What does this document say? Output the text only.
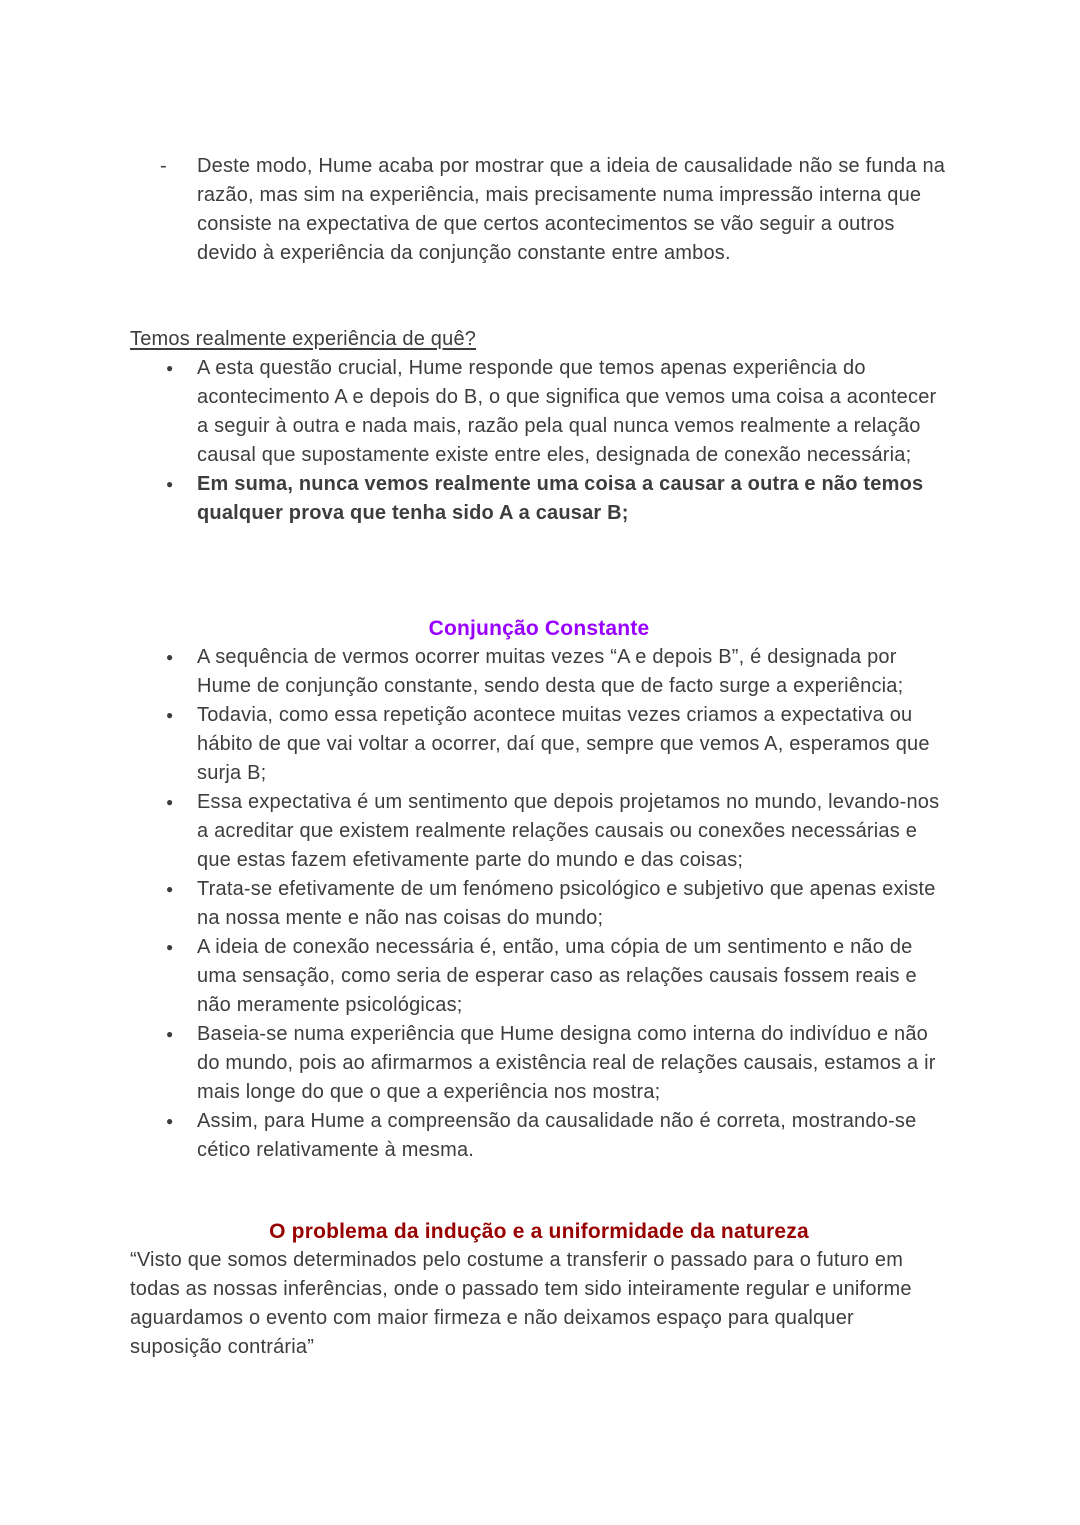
-	Deste modo, Hume acaba por mostrar que a ideia de causalidade não se funda na razão, mas sim na experiência, mais precisamente numa impressão interna que consiste na expectativa de que certos acontecimentos se vão seguir a outros devido à experiência da conjunção constante entre ambos.

Temos realmente experiência de quê?
●	A esta questão crucial, Hume responde que temos apenas experiência do acontecimento A e depois do B, o que significa que vemos uma coisa a acontecer a seguir à outra e nada mais, razão pela qual nunca vemos realmente a relação causal que supostamente existe entre eles, designada de conexão necessária;

●	Em suma, nunca vemos realmente uma coisa a causar a outra e não temos qualquer prova que tenha sido A a causar B;

Conjunção Constante
●	A sequência de vermos ocorrer muitas vezes “A e depois B”, é designada por Hume de conjunção constante, sendo desta que de facto surge a experiência;

●	Todavia, como essa repetição acontece muitas vezes criamos a expectativa ou hábito de que vai voltar a ocorrer, daí que, sempre que vemos A, esperamos que surja B;

●	Essa expectativa é um sentimento que depois projetamos no mundo, levando-nos a acreditar que existem realmente relações causais ou conexões necessárias e que estas fazem efetivamente parte do mundo e das coisas;

●	Trata-se efetivamente de um fenómeno psicológico e subjetivo que apenas existe na nossa mente e não nas coisas do mundo;

●	A ideia de conexão necessária é, então, uma cópia de um sentimento e não de uma sensação, como seria de esperar caso as relações causais fossem reais e não meramente psicológicas;

●	Baseia-se numa experiência que Hume designa como interna do indivíduo e não do mundo, pois ao afirmarmos a existência real de relações causais, estamos a ir mais longe do que o que a experiência nos mostra;

●	Assim, para Hume a compreensão da causalidade não é correta, mostrando-se cético relativamente à mesma.

O problema da indução e a uniformidade da natureza

“Visto que somos determinados pelo costume a transferir o passado para o futuro em todas as nossas inferências, onde o passado tem sido inteiramente regular e uniforme aguardamos o evento com maior firmeza e não deixamos espaço para qualquer suposição contrária”
